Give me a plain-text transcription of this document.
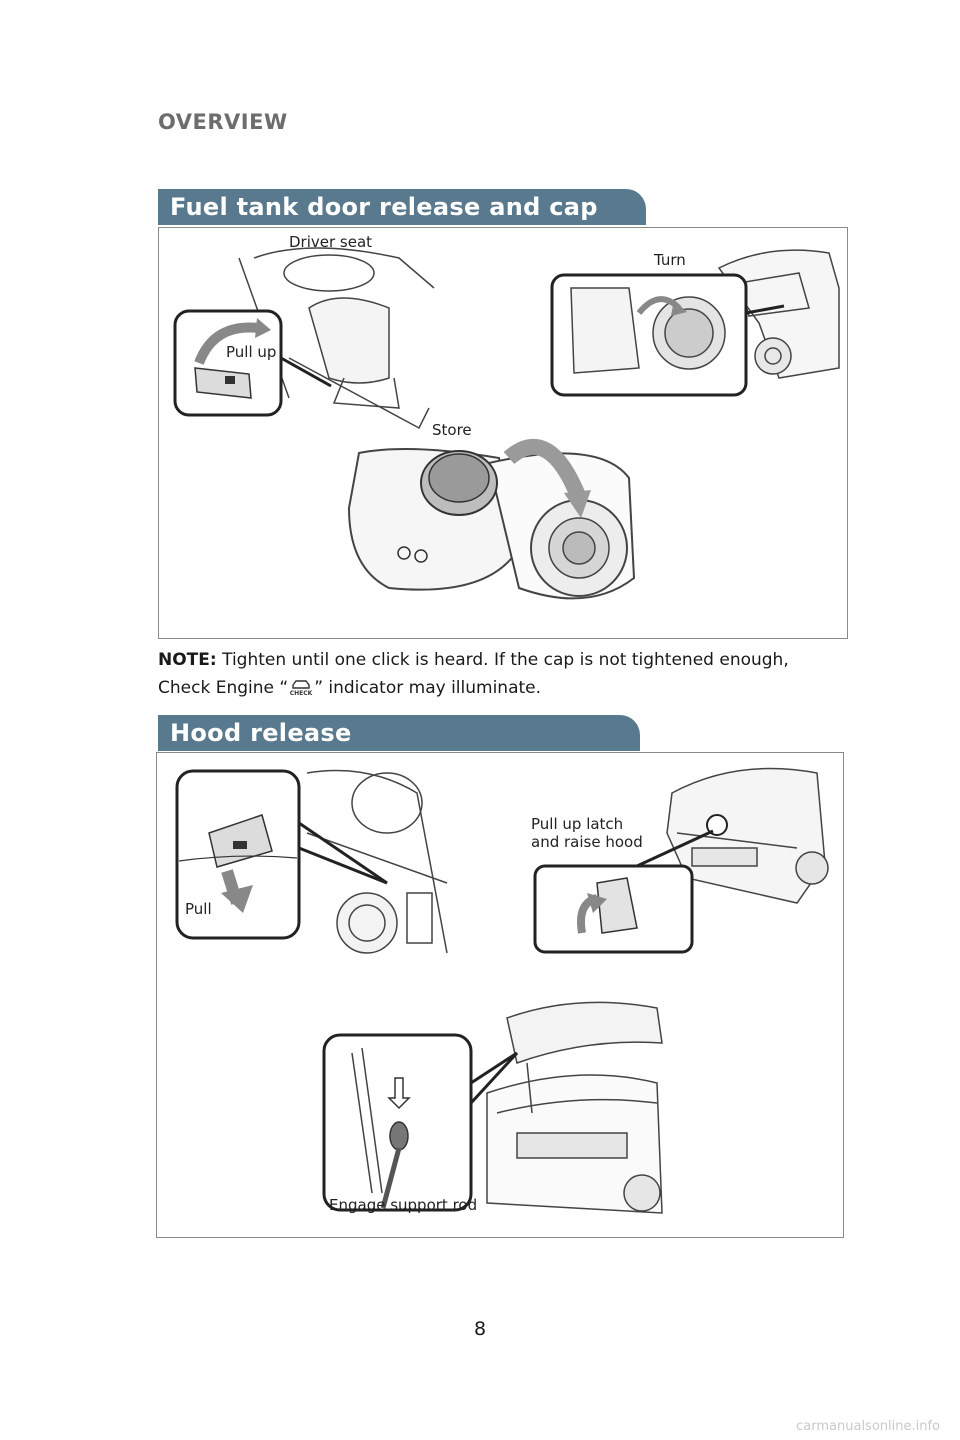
OVERVIEW
Fuel tank door release and cap
Driver seat
Turn
Pull up
Store
NOTE: Tighten until one click is heard. If the cap is not tightened enough,
Check Engine “ CHECK ” indicator may illuminate.
Hood release
Pull
Pull up latch
and raise hood
Engage support rod
8
carmanualsonline.info
